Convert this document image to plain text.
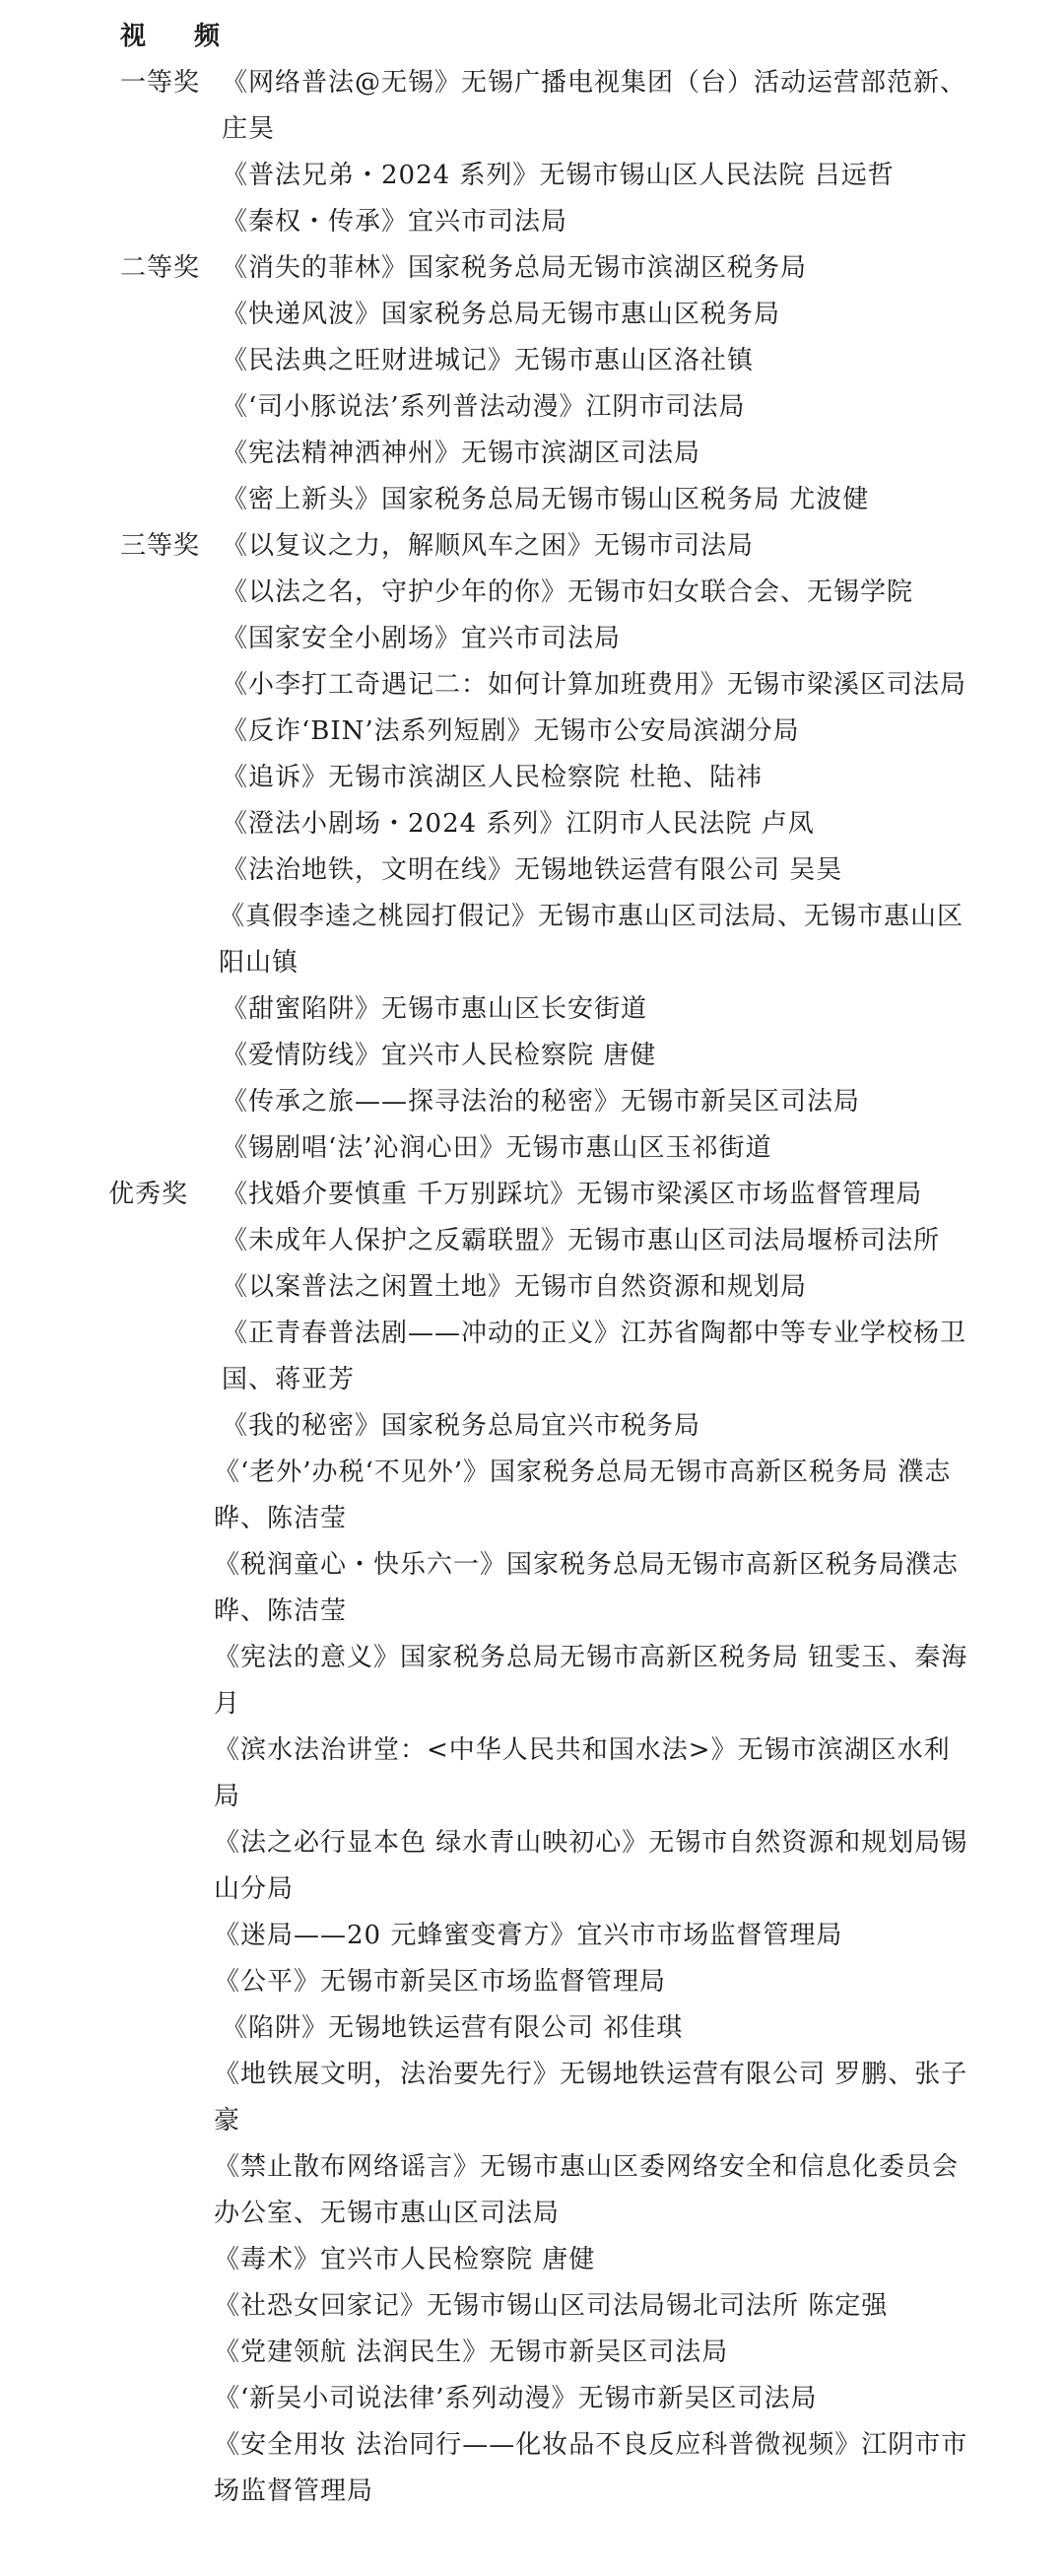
视 频
一等奖 《网络普法@无锡》无锡广播电视集团（台）活动运营部范新、庄昊
《普法兄弟・2024 系列》无锡市锡山区人民法院 吕远哲
《秦权・传承》宜兴市司法局
二等奖 《消失的菲林》国家税务总局无锡市滨湖区税务局
《快递风波》国家税务总局无锡市惠山区税务局
《民法典之旺财进城记》无锡市惠山区洛社镇
《‘司小豚说法’系列普法动漫》江阴市司法局
《宪法精神洒神州》无锡市滨湖区司法局
《密上新头》国家税务总局无锡市锡山区税务局 尤波健
三等奖 《以复议之力，解顺风车之困》无锡市司法局
《以法之名，守护少年的你》无锡市妇女联合会、无锡学院
《国家安全小剧场》宜兴市司法局
《小李打工奇遇记二：如何计算加班费用》无锡市梁溪区司法局
《反诈‘BIN’法系列短剧》无锡市公安局滨湖分局
《追诉》无锡市滨湖区人民检察院 杜艳、陆祎
《澄法小剧场・2024 系列》江阴市人民法院 卢凤
《法治地铁，文明在线》无锡地铁运营有限公司 吴昊
《真假李逵之桃园打假记》无锡市惠山区司法局、无锡市惠山区阳山镇
《甜蜜陷阱》无锡市惠山区长安街道
《爱情防线》宜兴市人民检察院 唐健
《传承之旅——探寻法治的秘密》无锡市新吴区司法局
《锡剧唱‘法’沁润心田》无锡市惠山区玉祁街道
优秀奖 《找婚介要慎重 千万别踩坑》无锡市梁溪区市场监督管理局
《未成年人保护之反霸联盟》无锡市惠山区司法局堰桥司法所
《以案普法之闲置土地》无锡市自然资源和规划局
《正青春普法剧——冲动的正义》江苏省陶都中等专业学校杨卫国、蒋亚芳
《我的秘密》国家税务总局宜兴市税务局
《‘老外’办税‘不见外’》国家税务总局无锡市高新区税务局 濮志晔、陈洁莹
《税润童心・快乐六一》国家税务总局无锡市高新区税务局濮志晔、陈洁莹
《宪法的意义》国家税务总局无锡市高新区税务局 钮雯玉、秦海月
《滨水法治讲堂：<中华人民共和国水法>》无锡市滨湖区水利局
《法之必行显本色 绿水青山映初心》无锡市自然资源和规划局锡山分局
《迷局——20 元蜂蜜变膏方》宜兴市市场监督管理局
《公平》无锡市新吴区市场监督管理局
《陷阱》无锡地铁运营有限公司 祁佳琪
《地铁展文明，法治要先行》无锡地铁运营有限公司 罗鹏、张子豪
《禁止散布网络谣言》无锡市惠山区委网络安全和信息化委员会办公室、无锡市惠山区司法局
《毒术》宜兴市人民检察院 唐健
《社恐女回家记》无锡市锡山区司法局锡北司法所 陈定强
《党建领航 法润民生》无锡市新吴区司法局
《‘新吴小司说法律’系列动漫》无锡市新吴区司法局
《安全用妆 法治同行——化妆品不良反应科普微视频》江阴市市场监督管理局
